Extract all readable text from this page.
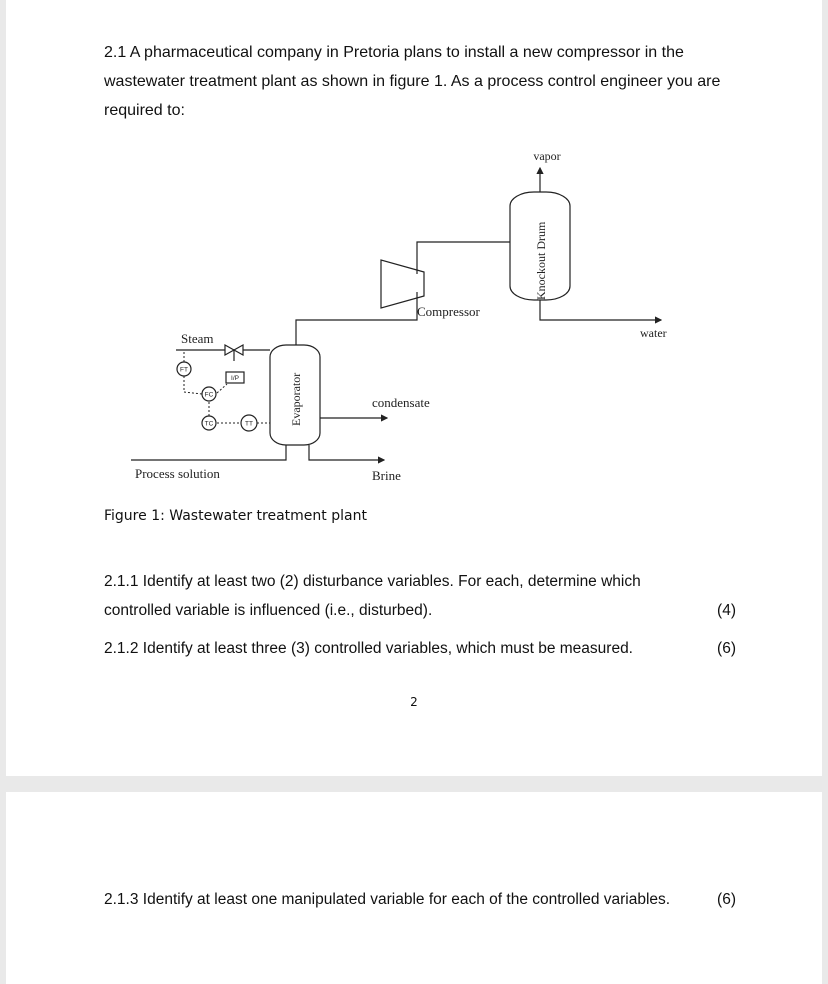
2.1 A pharmaceutical company in Pretoria plans to install a new compressor in the wastewater treatment plant as shown in figure 1. As a process control engineer you are required to:

vapor
Knockout Drum
Compressor
water
Steam
Evaporator	condensate
Process solution	Brine
FT
I/P
FC
TC	TT
Figure 1: Wastewater treatment plant
2.1.1 Identify at least two (2) disturbance variables. For each, determine which
controlled variable is influenced (i.e., disturbed).	(4)
2.1.2 Identify at least three (3) controlled variables, which must be measured.	(6)
2
2.1.3 Identify at least one manipulated variable for each of the controlled variables.	(6)
